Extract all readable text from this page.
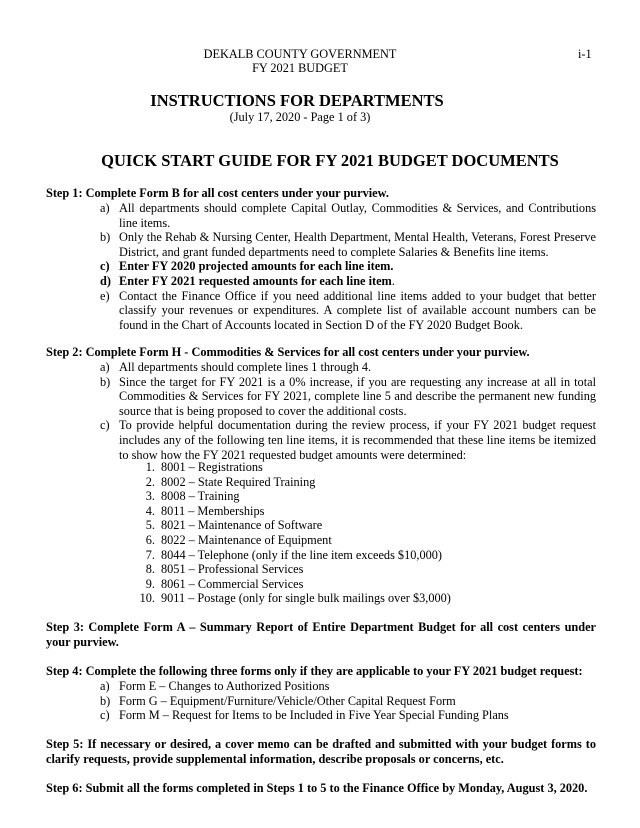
DEKALB COUNTY GOVERNMENT
FY 2021 BUDGET
i-1
INSTRUCTIONS FOR DEPARTMENTS
(July 17, 2020 - Page 1 of 3)
QUICK START GUIDE FOR FY 2021 BUDGET DOCUMENTS
Step 1: Complete Form B for all cost centers under your purview.
a) All departments should complete Capital Outlay, Commodities & Services, and Contributions line items.
b) Only the Rehab & Nursing Center, Health Department, Mental Health, Veterans, Forest Preserve District, and grant funded departments need to complete Salaries & Benefits line items.
c) Enter FY 2020 projected amounts for each line item.
d) Enter FY 2021 requested amounts for each line item.
e) Contact the Finance Office if you need additional line items added to your budget that better classify your revenues or expenditures. A complete list of available account numbers can be found in the Chart of Accounts located in Section D of the FY 2020 Budget Book.
Step 2: Complete Form H - Commodities & Services for all cost centers under your purview.
a) All departments should complete lines 1 through 4.
b) Since the target for FY 2021 is a 0% increase, if you are requesting any increase at all in total Commodities & Services for FY 2021, complete line 5 and describe the permanent new funding source that is being proposed to cover the additional costs.
c) To provide helpful documentation during the review process, if your FY 2021 budget request includes any of the following ten line items, it is recommended that these line items be itemized to show how the FY 2021 requested budget amounts were determined:
1. 8001 – Registrations
2. 8002 – State Required Training
3. 8008 – Training
4. 8011 – Memberships
5. 8021 – Maintenance of Software
6. 8022 – Maintenance of Equipment
7. 8044 – Telephone (only if the line item exceeds $10,000)
8. 8051 – Professional Services
9. 8061 – Commercial Services
10. 9011 – Postage (only for single bulk mailings over $3,000)
Step 3: Complete Form A – Summary Report of Entire Department Budget for all cost centers under your purview.
Step 4: Complete the following three forms only if they are applicable to your FY 2021 budget request:
a) Form E – Changes to Authorized Positions
b) Form G – Equipment/Furniture/Vehicle/Other Capital Request Form
c) Form M – Request for Items to be Included in Five Year Special Funding Plans
Step 5: If necessary or desired, a cover memo can be drafted and submitted with your budget forms to clarify requests, provide supplemental information, describe proposals or concerns, etc.
Step 6: Submit all the forms completed in Steps 1 to 5 to the Finance Office by Monday, August 3, 2020.
